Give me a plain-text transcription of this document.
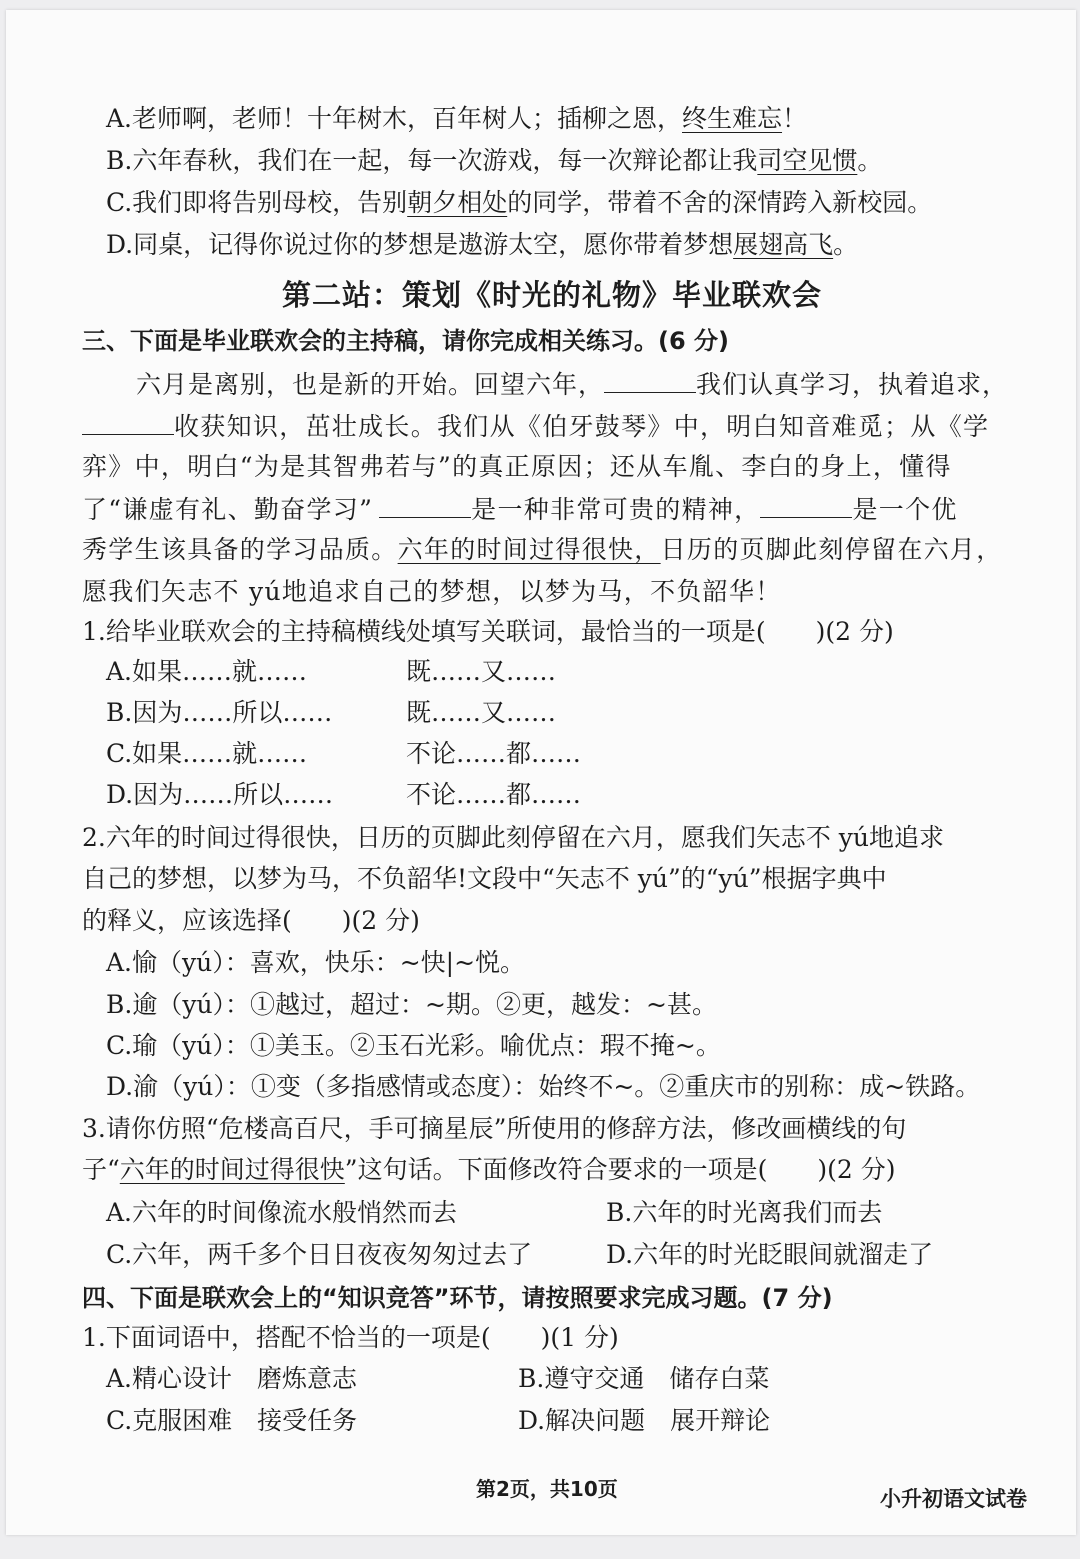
A.老师啊，老师！十年树木，百年树人；插柳之恩，终生难忘！
B.六年春秋，我们在一起，每一次游戏，每一次辩论都让我司空见惯。
C.我们即将告别母校，告别朝夕相处的同学，带着不舍的深情跨入新校园。
D.同桌，记得你说过你的梦想是遨游太空，愿你带着梦想展翅高飞。
第二站：策划《时光的礼物》毕业联欢会
三、下面是毕业联欢会的主持稿，请你完成相关练习。(6 分)
六月是离别，也是新的开始。回望六年，	我们认真学习，执着追求，
收获知识，茁壮成长。我们从《伯牙鼓琴》中，明白知音难觅；从《学
弈》中，明白“为是其智弗若与”的真正原因；还从车胤、李白的身上，懂得
了“谦虚有礼、勤奋学习”	是一种非常可贵的精神，	是一个优
秀学生该具备的学习品质。六年的时间过得很快，日历的页脚此刻停留在六月，
愿我们矢志不 yú地追求自己的梦想，以梦为马，不负韶华！
1.给毕业联欢会的主持稿横线处填写关联词，最恰当的一项是(　　)(2 分)
A.如果……就……	既……又……
B.因为……所以……	既……又……
C.如果……就……	不论……都……
D.因为……所以……	不论……都……
2.六年的时间过得很快，日历的页脚此刻停留在六月，愿我们矢志不 yú地追求
自己的梦想，以梦为马，不负韶华!文段中“矢志不 yú”的“yú”根据字典中
的释义，应该选择(　　)(2 分)
A.愉（yú）：喜欢，快乐：~快|~悦。
B.逾（yú）：①越过，超过：~期。②更，越发：~甚。
C.瑜（yú）：①美玉。②玉石光彩。喻优点：瑕不掩~。
D.渝（yú）：①变（多指感情或态度）：始终不~。②重庆市的别称：成~铁路。
3.请你仿照“危楼高百尺，手可摘星辰”所使用的修辞方法，修改画横线的句
子“六年的时间过得很快”这句话。下面修改符合要求的一项是(　　)(2 分)
A.六年的时间像流水般悄然而去	B.六年的时光离我们而去
C.六年，两千多个日日夜夜匆匆过去了	D.六年的时光眨眼间就溜走了
四、下面是联欢会上的“知识竞答”环节，请按照要求完成习题。(7 分)
1.下面词语中，搭配不恰当的一项是(　　)(1 分)
A.精心设计　磨炼意志	B.遵守交通　储存白菜
C.克服困难　接受任务	D.解决问题　展开辩论
第2页，共10页	小升初语文试卷
